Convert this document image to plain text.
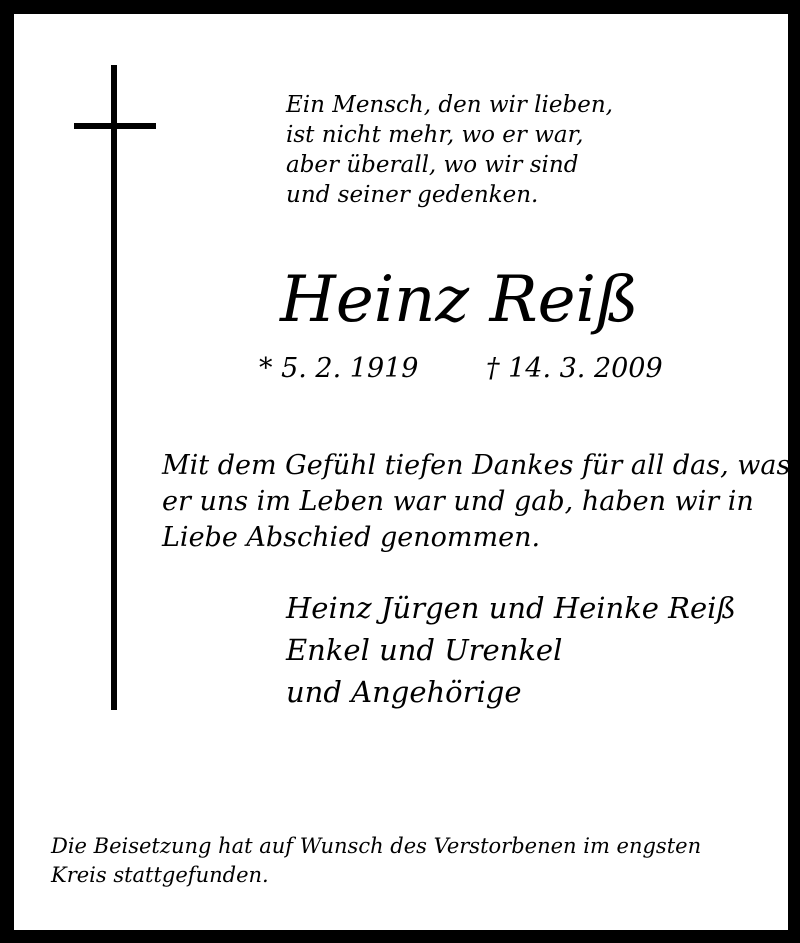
Ein Mensch, den wir lieben,
ist nicht mehr, wo er war,
aber überall, wo wir sind
und seiner gedenken.
Heinz Reiß
* 5. 2. 1919	† 14. 3. 2009
Mit dem Gefühl tiefen Dankes für all das, was
er uns im Leben war und gab, haben wir in
Liebe Abschied genommen.
Heinz Jürgen und Heinke Reiß
Enkel und Urenkel
und Angehörige
Die Beisetzung hat auf Wunsch des Verstorbenen im engsten
Kreis stattgefunden.
